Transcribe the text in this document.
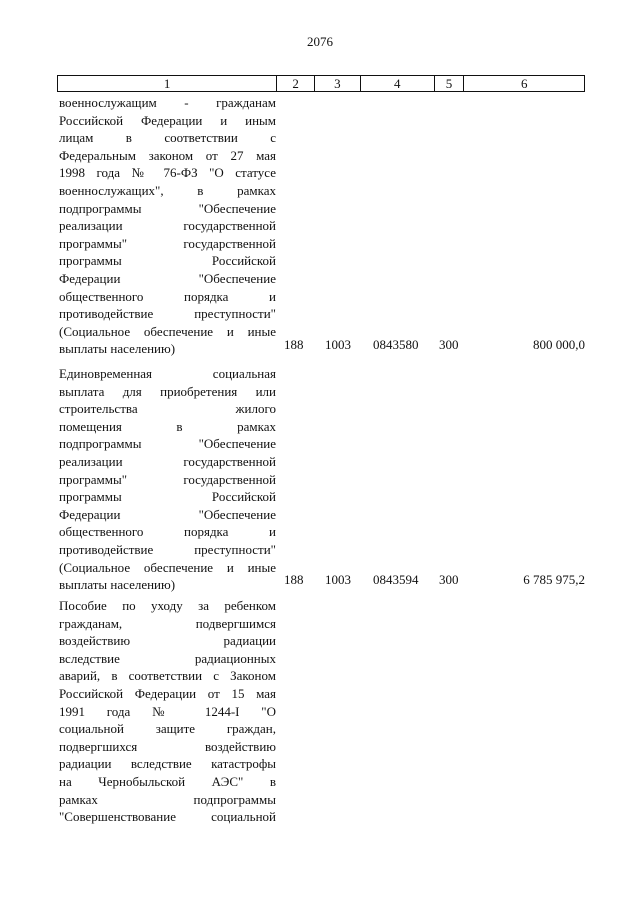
2076
1	2	3	4	5	6
военнослужащим - гражданам
Российской Федерации и иным
лицам в соответствии с
Федеральным законом от 27 мая
1998 года № 76-ФЗ "О статусе
военнослужащих", в рамках
подпрограммы "Обеспечение
реализации государственной
программы" государственной
программы Российской
Федерации "Обеспечение
общественного порядка и
противодействие преступности"
(Социальное обеспечение и иные
выплаты населению)	188 1003 0843580 300	800 000,0
Единовременная социальная
выплата для приобретения или
строительства жилого
помещения в рамках
подпрограммы "Обеспечение
реализации государственной
программы" государственной
программы Российской
Федерации "Обеспечение
общественного порядка и
противодействие преступности"
(Социальное обеспечение и иные
выплаты населению)	188 1003 0843594 300	6 785 975,2
Пособие по уходу за ребенком
гражданам, подвергшимся
воздействию радиации
вследствие радиационных
аварий, в соответствии с Законом
Российской Федерации от 15 мая
1991 года № 1244-I "О
социальной защите граждан,
подвергшихся воздействию
радиации вследствие катастрофы
на Чернобыльской АЭС" в
рамках подпрограммы
"Совершенствование социальной
